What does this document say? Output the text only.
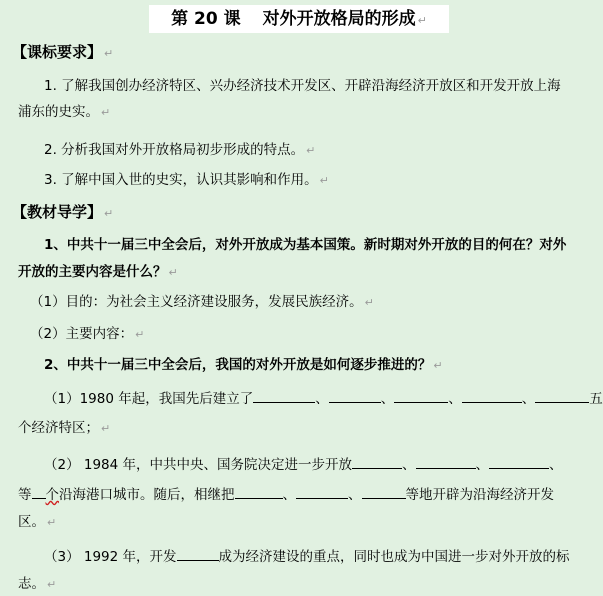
第 20 课 对外开放格局的形成 ↵
【课标要求】 ↵
1. 了解我国创办经济特区、兴办经济技术开发区、开辟沿海经济开放区和开发开放上海
浦东的史实。 ↵
2. 分析我国对外开放格局初步形成的特点。 ↵
3. 了解中国入世的史实，认识其影响和作用。 ↵
【教材导学】 ↵
1、中共十一届三中全会后，对外开放成为基本国策。新时期对外开放的目的何在？对外
开放的主要内容是什么？ ↵
（1）目的：为社会主义经济建设服务，发展民族经济。 ↵
（2）主要内容： ↵
2、中共十一届三中全会后，我国的对外开放是如何逐步推进的？ ↵
（1）1980 年起，我国先后建立了	、	、	、	、	五
个经济特区； ↵
（2） 1984 年，中共中央、国务院决定进一步开放	、	、	、
等 个沿海港口城市。随后，相继把	、	、	等地开辟为沿海经济开发
区。 ↵
（3） 1992 年，开发	成为经济建设的重点，同时也成为中国进一步对外开放的标
志。 ↵
